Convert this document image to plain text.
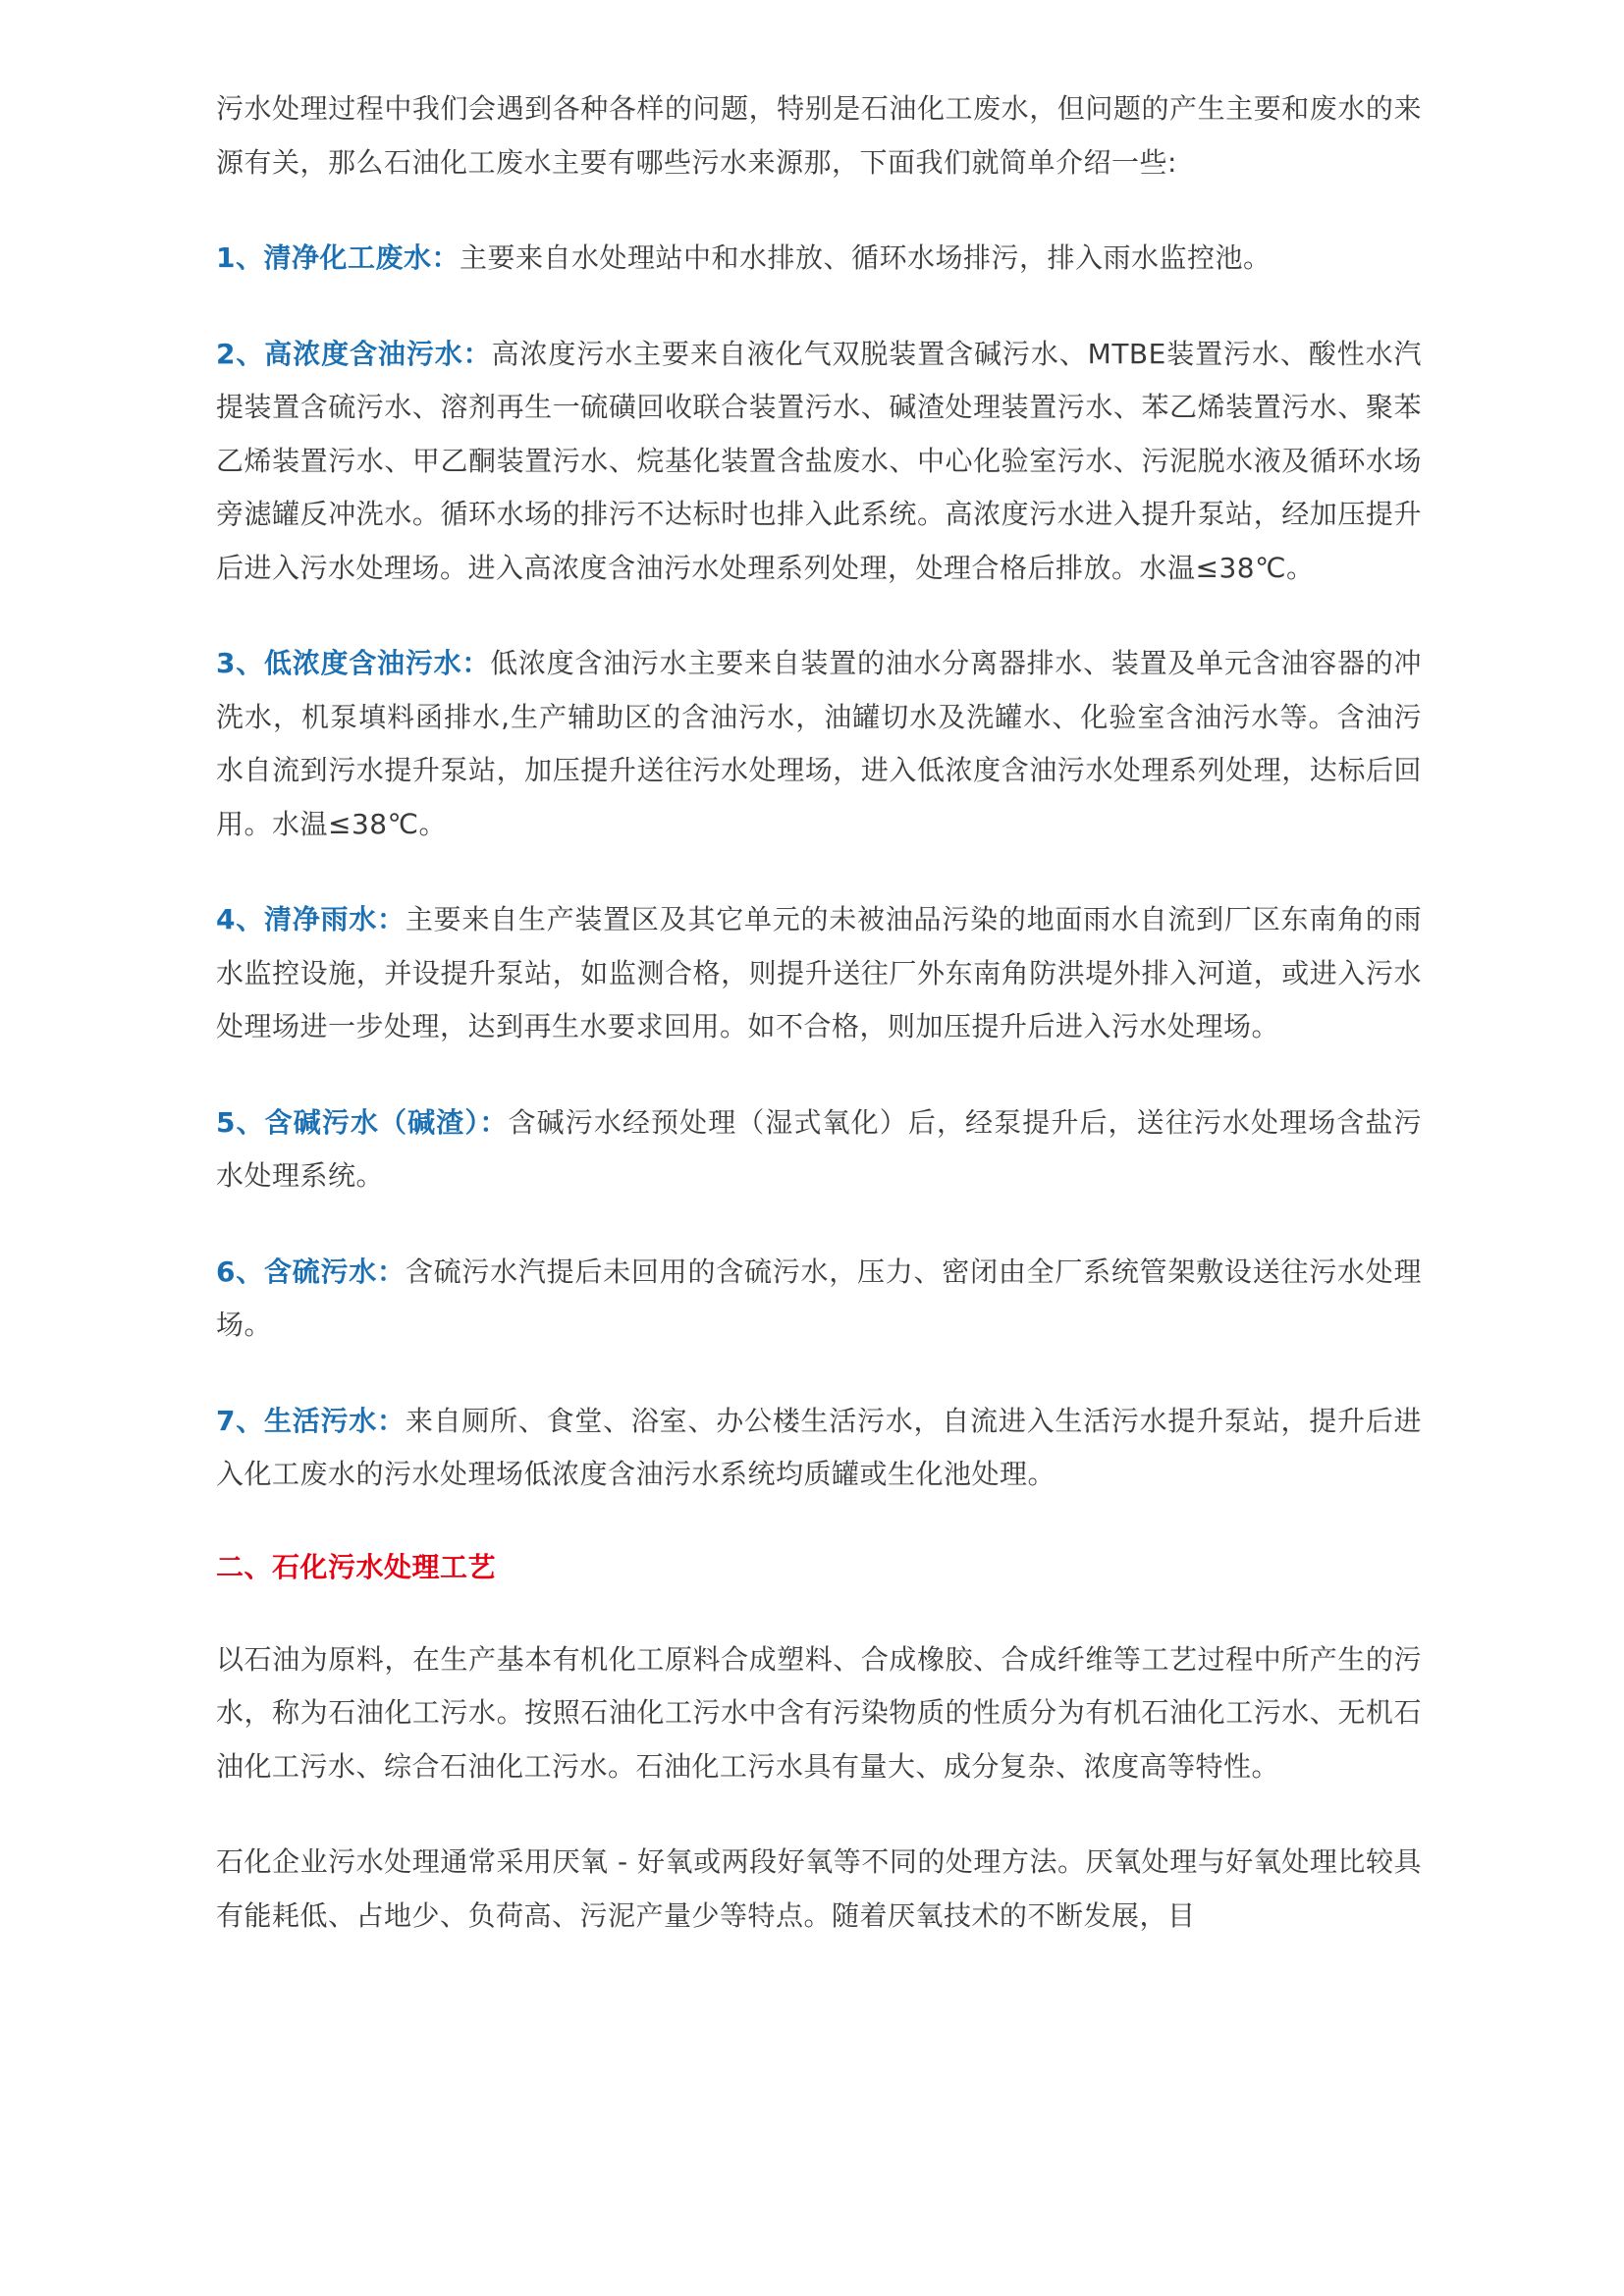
污水处理过程中我们会遇到各种各样的问题，特别是石油化工废水，但问题的产生主要和废水的来源有关，那么石油化工废水主要有哪些污水来源那，下面我们就简单介绍一些:

1、清净化工废水：主要来自水处理站中和水排放、循环水场排污，排入雨水监控池。

2、高浓度含油污水：高浓度污水主要来自液化气双脱装置含碱污水、MTBE装置污水、酸性水汽提装置含硫污水、溶剂再生一硫磺回收联合装置污水、碱渣处理装置污水、苯乙烯装置污水、聚苯乙烯装置污水、甲乙酮装置污水、烷基化装置含盐废水、中心化验室污水、污泥脱水液及循环水场旁滤罐反冲洗水。循环水场的排污不达标时也排入此系统。高浓度污水进入提升泵站，经加压提升后进入污水处理场。进入高浓度含油污水处理系列处理，处理合格后排放。水温≤38℃。

3、低浓度含油污水：低浓度含油污水主要来自装置的油水分离器排水、装置及单元含油容器的冲洗水，机泵填料函排水,生产辅助区的含油污水，油罐切水及洗罐水、化验室含油污水等。含油污水自流到污水提升泵站，加压提升送往污水处理场，进入低浓度含油污水处理系列处理，达标后回用。水温≤38℃。

4、清净雨水：主要来自生产装置区及其它单元的未被油品污染的地面雨水自流到厂区东南角的雨水监控设施，并设提升泵站，如监测合格，则提升送往厂外东南角防洪堤外排入河道，或进入污水处理场进一步处理，达到再生水要求回用。如不合格，则加压提升后进入污水处理场。

5、含碱污水（碱渣）：含碱污水经预处理（湿式氧化）后，经泵提升后，送往污水处理场含盐污水处理系统。

6、含硫污水：含硫污水汽提后未回用的含硫污水，压力、密闭由全厂系统管架敷设送往污水处理场。

7、生活污水：来自厕所、食堂、浴室、办公楼生活污水，自流进入生活污水提升泵站，提升后进入化工废水的污水处理场低浓度含油污水系统均质罐或生化池处理。

二、石化污水处理工艺

以石油为原料，在生产基本有机化工原料合成塑料、合成橡胶、合成纤维等工艺过程中所产生的污水，称为石油化工污水。按照石油化工污水中含有污染物质的性质分为有机石油化工污水、无机石油化工污水、综合石油化工污水。石油化工污水具有量大、成分复杂、浓度高等特性。

石化企业污水处理通常采用厌氧 - 好氧或两段好氧等不同的处理方法。厌氧处理与好氧处理比较具有能耗低、占地少、负荷高、污泥产量少等特点。随着厌氧技术的不断发展，目
